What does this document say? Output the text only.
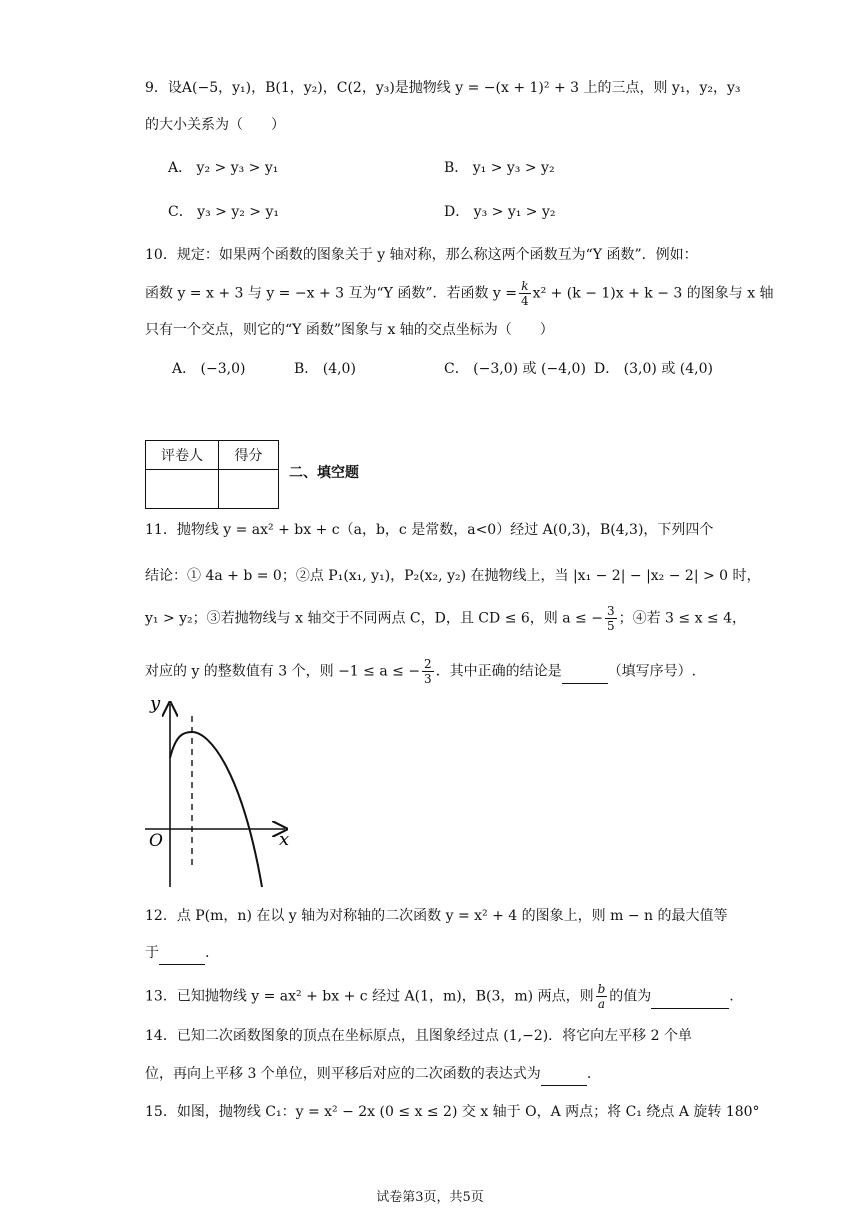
9．设A(−5，y₁)，B(1，y₂)，C(2，y₃)是抛物线 y = −(x + 1)² + 3 上的三点，则 y₁，y₂，y₃
的大小关系为（　　）
A． y₂ > y₃ > y₁	B． y₁ > y₃ > y₂
C． y₃ > y₂ > y₁	D． y₃ > y₁ > y₂
10．规定：如果两个函数的图象关于 y 轴对称，那么称这两个函数互为“Y 函数”．例如：
函数 y = x + 3 与 y = −x + 3 互为“Y 函数”．若函数 $y = \frac{k}{4} x^2 + (k - 1)x + k - 3$ 的图象与 x 轴
只有一个交点，则它的“Y 函数”图象与 x 轴的交点坐标为（　　）
A． (−3,0)	B． (4,0)	C． (−3,0) 或 (−4,0) D． (3,0) 或 (4,0)
评卷人	得分

二、填空题
11．抛物线 y = ax² + bx + c（a，b，c 是常数，a<0）经过 A(0,3)，B(4,3)，下列四个
结论：① 4a + b = 0；②点 P₁(x₁, y₁)，P₂(x₂, y₂) 在抛物线上，当 |x₁ − 2| − |x₂ − 2| > 0 时，
y₁ > y₂；③若抛物线与 x 轴交于不同两点 C，D，且 CD ≤ 6，则 a ≤ − $\frac{3}{5}$ ；④若 3 ≤ x ≤ 4，
对应的 y 的整数值有 3 个，则 −1 ≤ a ≤ − $\frac{2}{3}$ ．其中正确的结论是	（填写序号）.
y
x
O
12．点 P(m，n) 在以 y 轴为对称轴的二次函数 y = x² + 4 的图象上，则 m − n 的最大值等
于	.
13．已知抛物线 y = ax² + bx + c 经过 A(1，m)，B(3，m) 两点，则 $\frac{b}{a}$ 的值为	.
14．已知二次函数图象的顶点在坐标原点，且图象经过点 (1,−2)．将它向左平移 2 个单
位，再向上平移 3 个单位，则平移后对应的二次函数的表达式为	.
15．如图，抛物线 C₁：y = x² − 2x (0 ≤ x ≤ 2) 交 x 轴于 O，A 两点；将 C₁ 绕点 A 旋转 180°
试卷第3页，共5页
